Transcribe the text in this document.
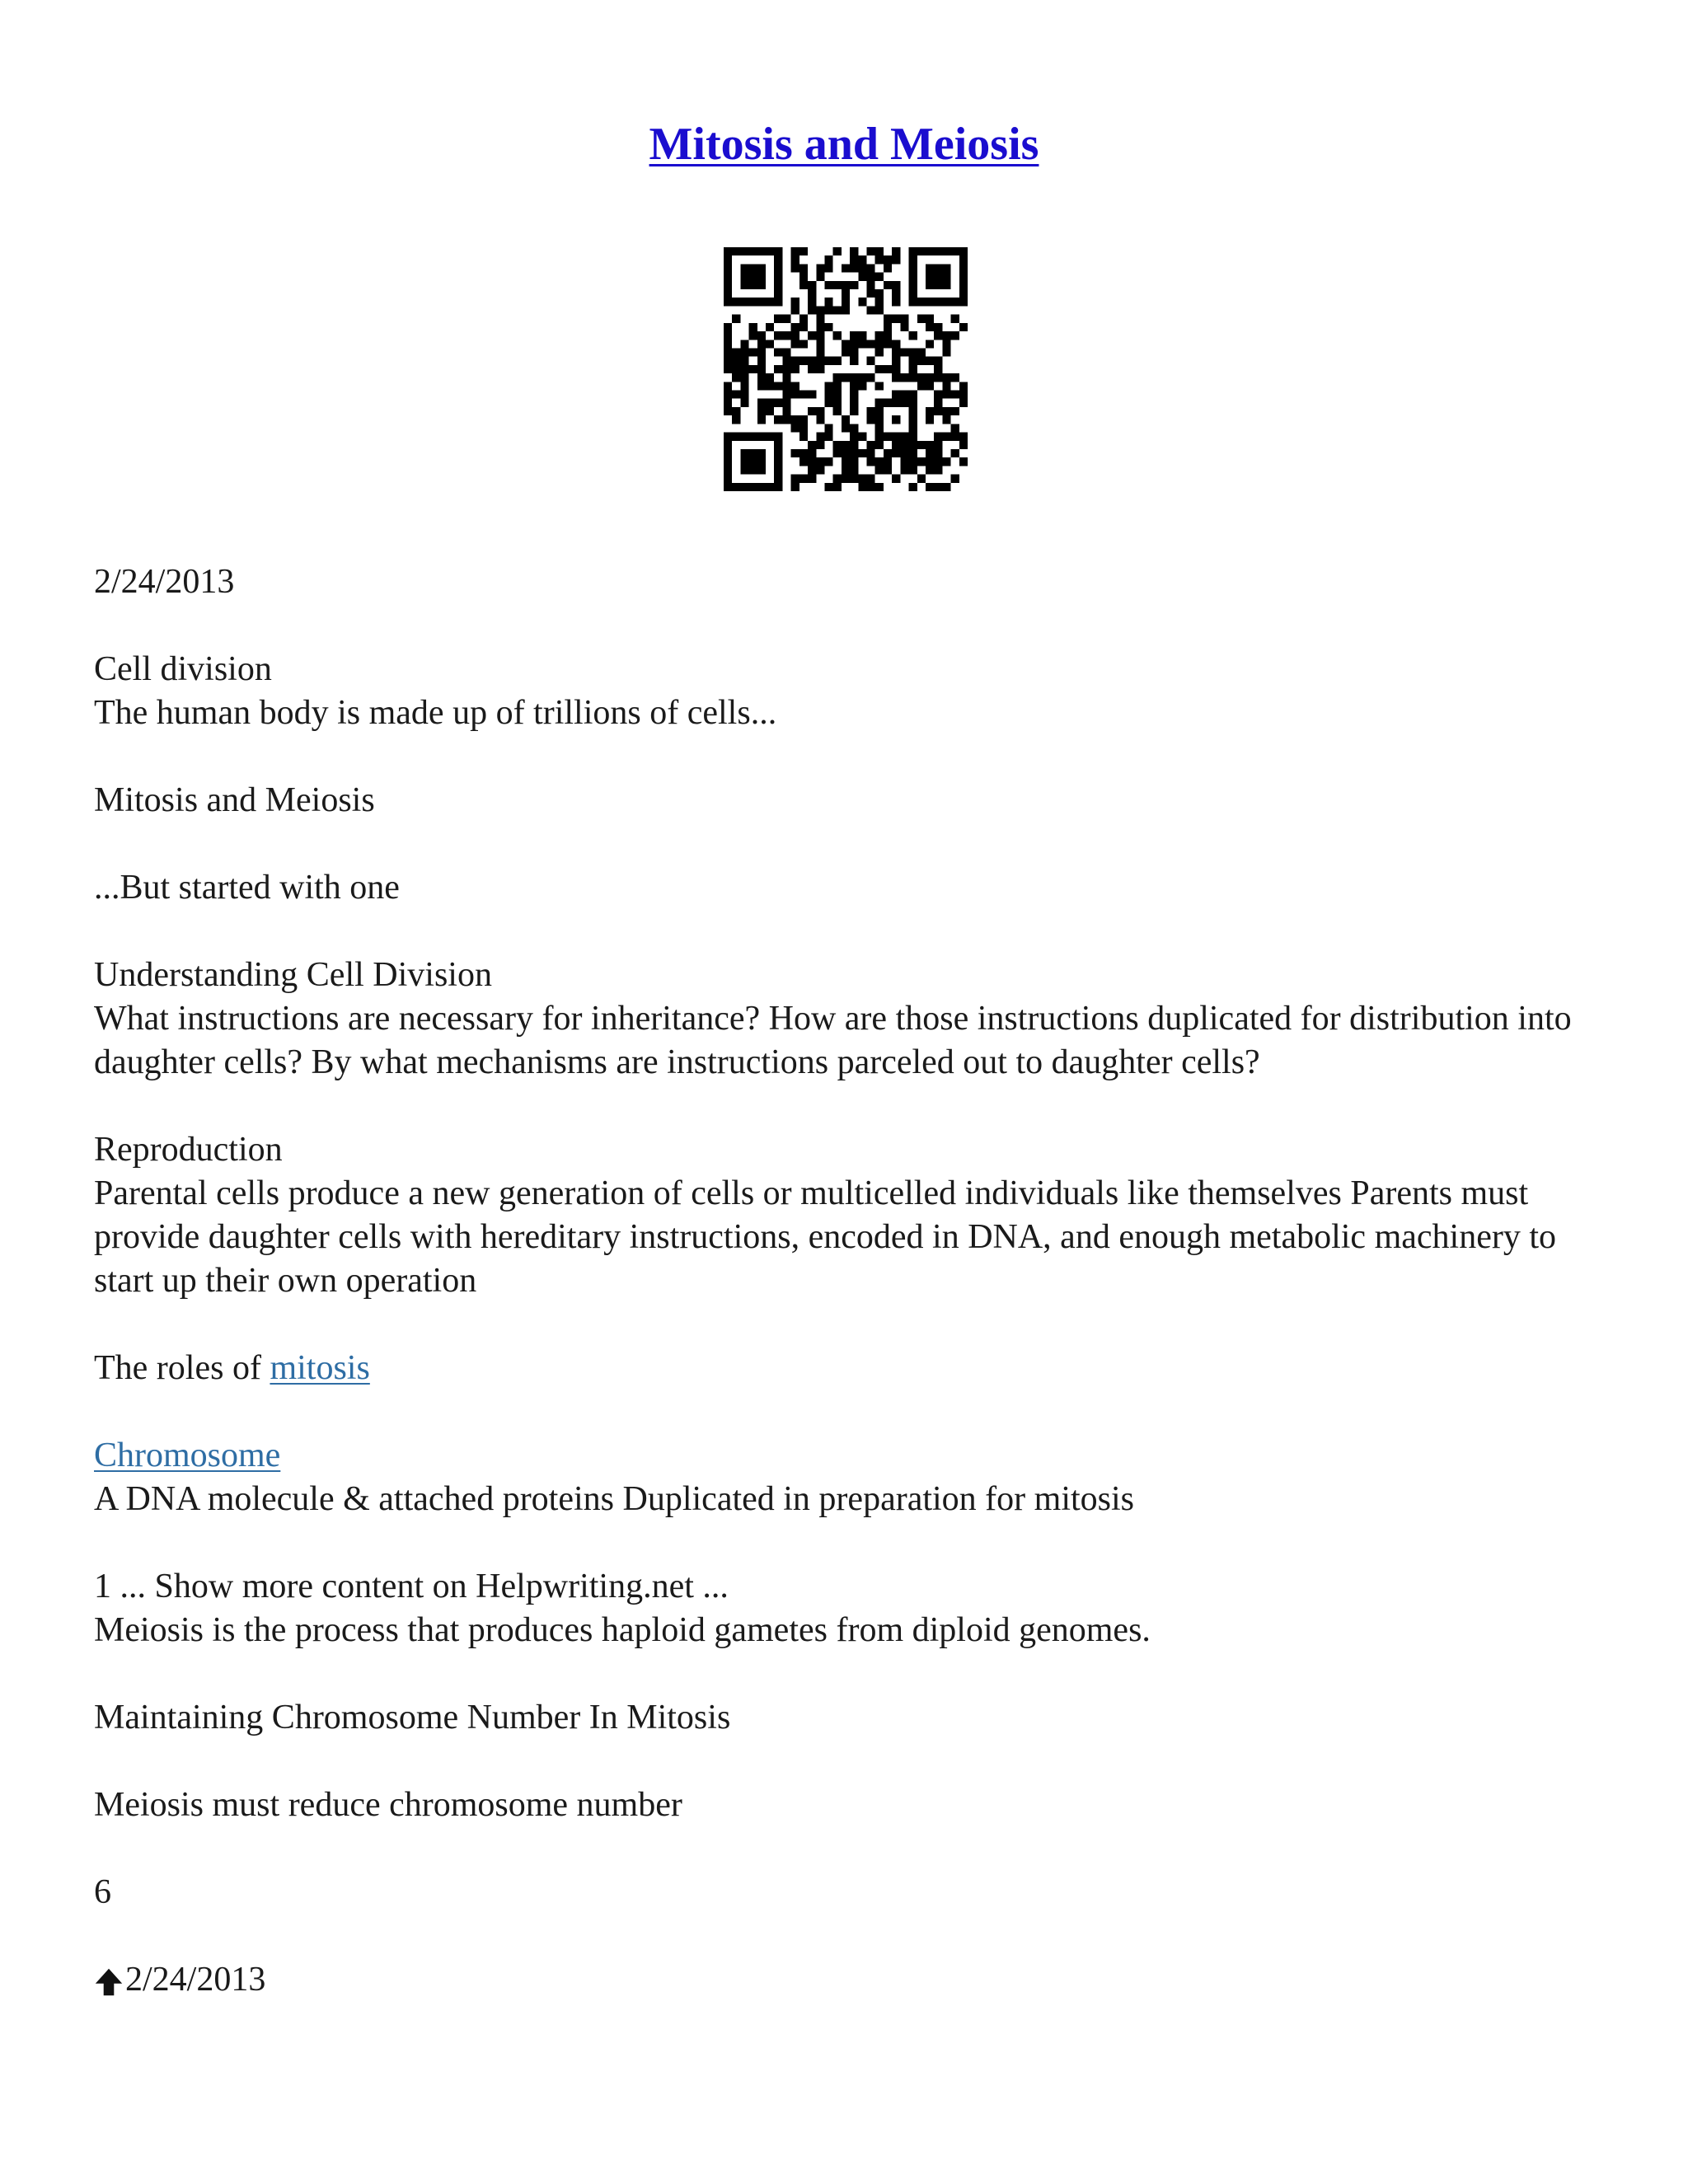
Mitosis and Meiosis

2/24/2013

Cell division
The human body is made up of trillions of cells...

Mitosis and Meiosis

...But started with one

Understanding Cell Division
What instructions are necessary for inheritance? How are those instructions duplicated for distribution into daughter cells? By what mechanisms are instructions parceled out to daughter cells?

Reproduction
Parental cells produce a new generation of cells or multicelled individuals like themselves Parents must provide daughter cells with hereditary instructions, encoded in DNA, and enough metabolic machinery to start up their own operation

The roles of mitosis

Chromosome
A DNA molecule & attached proteins Duplicated in preparation for mitosis

1 ... Show more content on Helpwriting.net ...
Meiosis is the process that produces haploid gametes from diploid genomes.

Maintaining Chromosome Number In Mitosis

Meiosis must reduce chromosome number

6

2/24/2013
